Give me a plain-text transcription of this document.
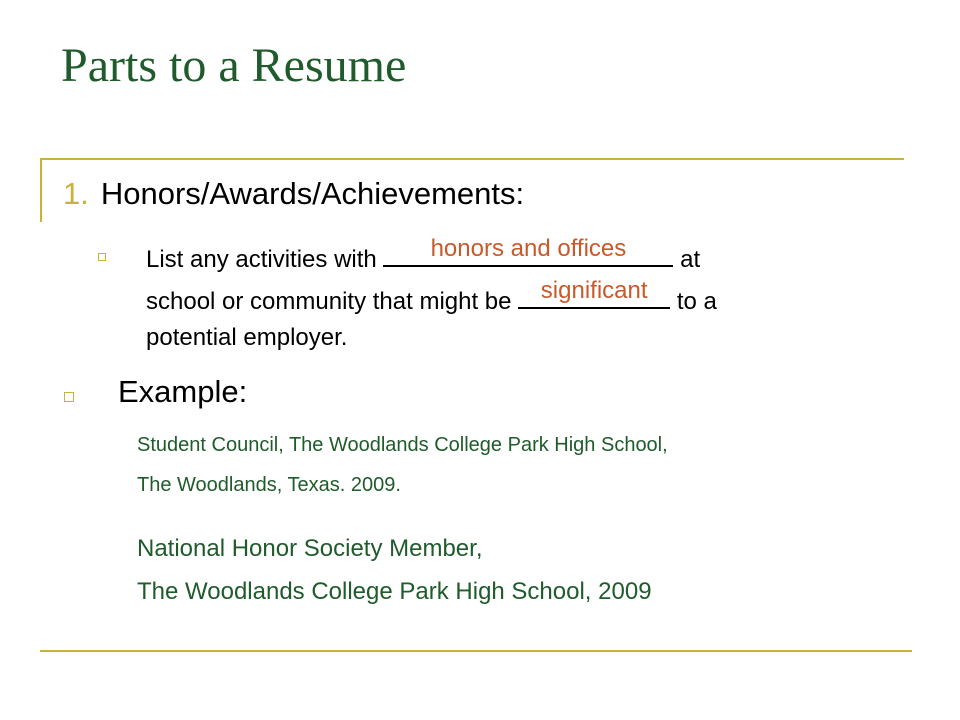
Parts to a Resume
1. Honors/Awards/Achievements:
List any activities with honors and offices at
school or community that might be significant to a
potential employer.
Example:
Student Council, The Woodlands College Park High School,
The Woodlands, Texas. 2009.
National Honor Society Member,
The Woodlands College Park High School, 2009
